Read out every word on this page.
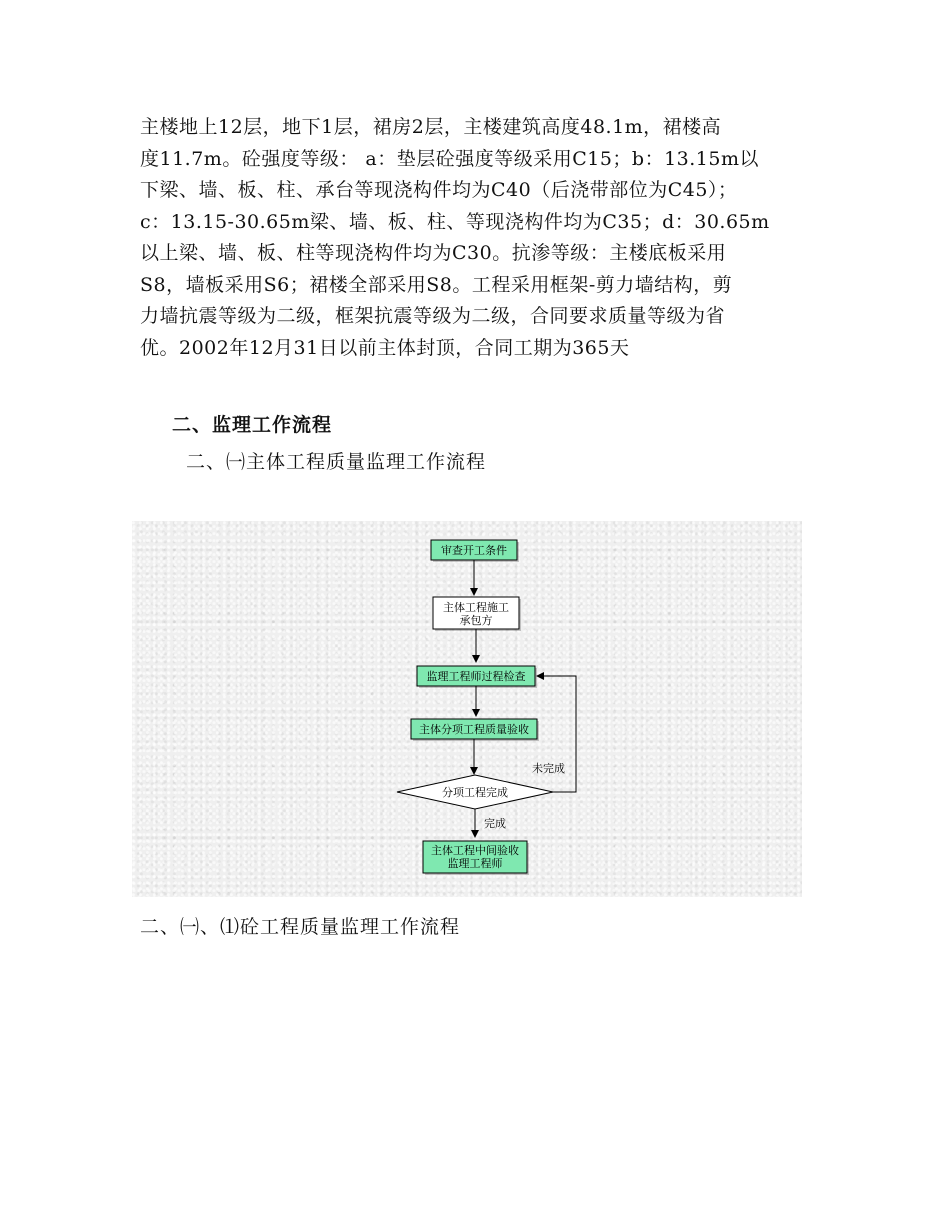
主楼地上12层，地下1层，裙房2层，主楼建筑高度48.1m，裙楼高
度11.7m。砼强度等级： a：垫层砼强度等级采用C15；b：13.15m以
下梁、墙、板、柱、承台等现浇构件均为C40（后浇带部位为C45）；
c：13.15-30.65m梁、墙、板、柱、等现浇构件均为C35；d：30.65m
以上梁、墙、板、柱等现浇构件均为C30。抗渗等级：主楼底板采用
S8，墙板采用S6；裙楼全部采用S8。工程采用框架-剪力墙结构，剪
力墙抗震等级为二级，框架抗震等级为二级，合同要求质量等级为省
优。2002年12月31日以前主体封顶，合同工期为365天
二、监理工作流程
二、㈠主体工程质量监理工作流程
审查开工条件
主体工程施工
承包方
监理工程师过程检查
主体分项工程质量验收
分项工程完成
未完成
完成
主体工程中间验收
监理工程师
二、㈠、⑴砼工程质量监理工作流程
